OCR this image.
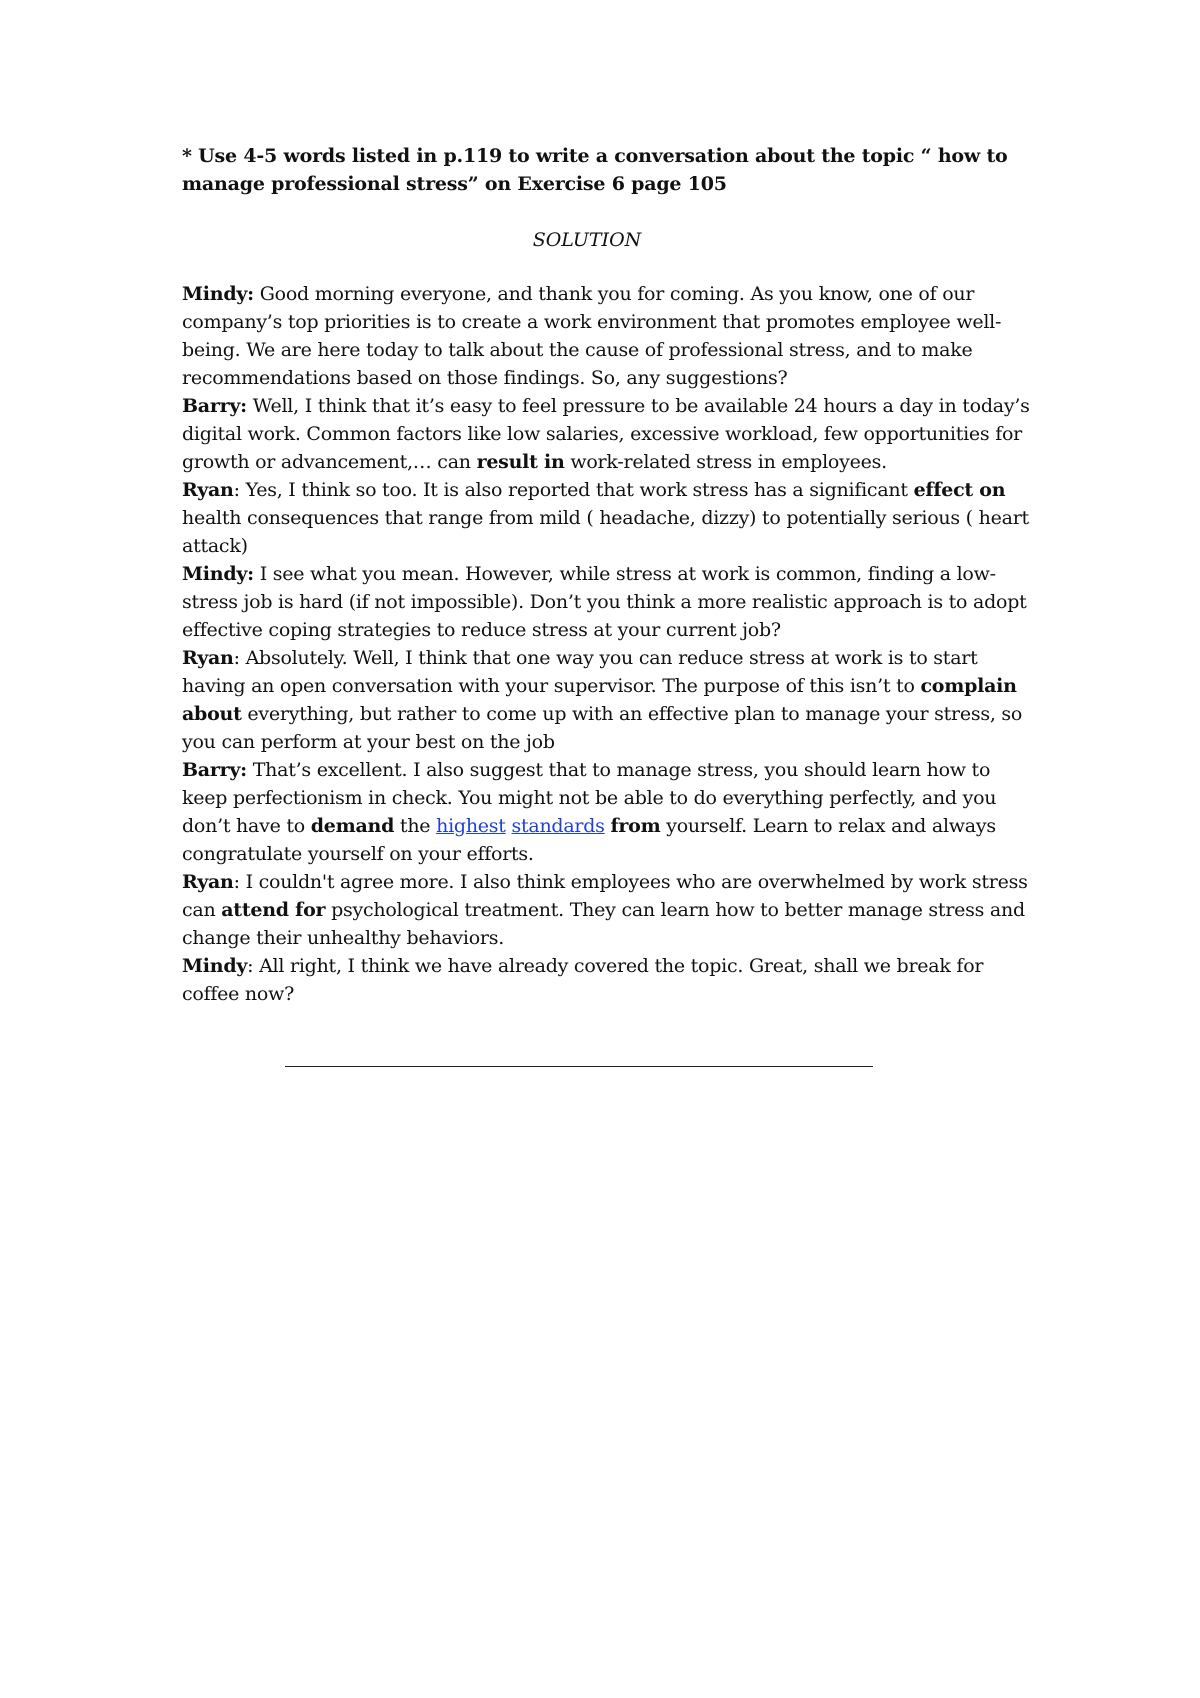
* Use 4-5 words listed in p.119 to write a conversation about the topic “ how to manage professional stress” on Exercise 6 page 105

SOLUTION

Mindy: Good morning everyone, and thank you for coming. As you know, one of our company’s top priorities is to create a work environment that promotes employee well-being. We are here today to talk about the cause of professional stress, and to make recommendations based on those findings. So, any suggestions?

Barry: Well, I think that it’s easy to feel pressure to be available 24 hours a day in today’s digital work. Common factors like low salaries, excessive workload, few opportunities for growth or advancement,… can result in work-related stress in employees.

Ryan: Yes, I think so too. It is also reported that work stress has a significant effect on health consequences that range from mild ( headache, dizzy) to potentially serious ( heart attack)

Mindy: I see what you mean. However, while stress at work is common, finding a low-stress job is hard (if not impossible). Don’t you think a more realistic approach is to adopt effective coping strategies to reduce stress at your current job?

Ryan: Absolutely. Well, I think that one way you can reduce stress at work is to start having an open conversation with your supervisor. The purpose of this isn’t to complain about everything, but rather to come up with an effective plan to manage your stress, so you can perform at your best on the job

Barry: That’s excellent. I also suggest that to manage stress, you should learn how to keep perfectionism in check. You might not be able to do everything perfectly, and you don’t have to demand the highest standards from yourself. Learn to relax and always congratulate yourself on your efforts.

Ryan: I couldn't agree more. I also think employees who are overwhelmed by work stress can attend for psychological treatment. They can learn how to better manage stress and change their unhealthy behaviors.

Mindy: All right, I think we have already covered the topic. Great, shall we break for coffee now?
